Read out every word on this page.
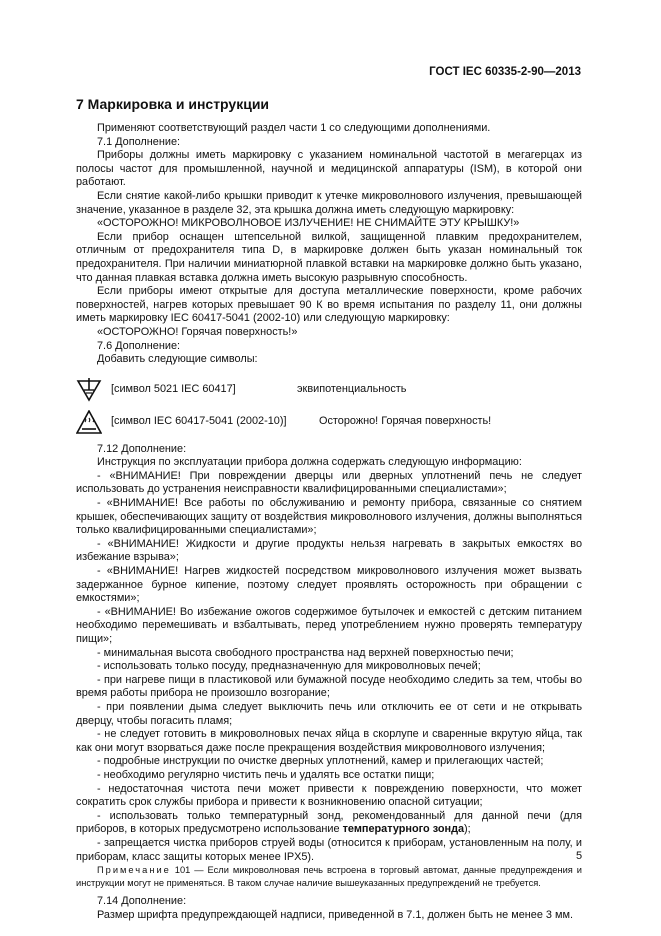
ГОСТ IEC 60335-2-90—2013
7 Маркировка и инструкции

Применяют соответствующий раздел части 1 со следующими дополнениями.

7.1 Дополнение:

Приборы должны иметь маркировку с указанием номинальной частотой в мегагерцах из полосы частот для промышленной, научной и медицинской аппаратуры (ISM), в которой они работают.

Если снятие какой-либо крышки приводит к утечке микроволнового излучения, превышающей значение, указанное в разделе 32, эта крышка должна иметь следующую маркировку:

«ОСТОРОЖНО! МИКРОВОЛНОВОЕ ИЗЛУЧЕНИЕ! НЕ СНИМАЙТЕ ЭТУ КРЫШКУ!»

Если прибор оснащен штепсельной вилкой, защищенной плавким предохранителем, отличным от предохранителя типа D, в маркировке должен быть указан номинальный ток предохранителя. При наличии миниатюрной плавкой вставки на маркировке должно быть указано, что данная плавкая вставка должна иметь высокую разрывную способность.

Если приборы имеют открытые для доступа металлические поверхности, кроме рабочих поверхностей, нагрев которых превышает 90 К во время испытания по разделу 11, они должны иметь маркировку IEC 60417-5041 (2002-10) или следующую маркировку:

«ОСТОРОЖНО! Горячая поверхность!»

7.6 Дополнение:

Добавить следующие символы:

[символ 5021 IEC 60417]	эквипотенциальность
[символ IEC 60417-5041 (2002-10)]	Осторожно! Горячая поверхность!

7.12 Дополнение:

Инструкция по эксплуатации прибора должна содержать следующую информацию:

- «ВНИМАНИЕ! При повреждении дверцы или дверных уплотнений печь не следует использовать до устранения неисправности квалифицированными специалистами»;

- «ВНИМАНИЕ! Все работы по обслуживанию и ремонту прибора, связанные со снятием крышек, обеспечивающих защиту от воздействия микроволнового излучения, должны выполняться только квалифицированными специалистами»;

- «ВНИМАНИЕ! Жидкости и другие продукты нельзя нагревать в закрытых емкостях во избежание взрыва»;

- «ВНИМАНИЕ! Нагрев жидкостей посредством микроволнового излучения может вызвать задержанное бурное кипение, поэтому следует проявлять осторожность при обращении с емкостями»;

- «ВНИМАНИЕ! Во избежание ожогов содержимое бутылочек и емкостей с детским питанием необходимо перемешивать и взбалтывать, перед употреблением нужно проверять температуру пищи»;

- минимальная высота свободного пространства над верхней поверхностью печи;

- использовать только посуду, предназначенную для микроволновых печей;

- при нагреве пищи в пластиковой или бумажной посуде необходимо следить за тем, чтобы во время работы прибора не произошло возгорание;

- при появлении дыма следует выключить печь или отключить ее от сети и не открывать дверцу, чтобы погасить пламя;

- не следует готовить в микроволновых печах яйца в скорлупе и сваренные вкрутую яйца, так как они могут взорваться даже после прекращения воздействия микроволнового излучения;

- подробные инструкции по очистке дверных уплотнений, камер и прилегающих частей;

- необходимо регулярно чистить печь и удалять все остатки пищи;

- недостаточная чистота печи может привести к повреждению поверхности, что может сократить срок службы прибора и привести к возникновению опасной ситуации;

- использовать только температурный зонд, рекомендованный для данной печи (для приборов, в которых предусмотрено использование температурного зонда);

- запрещается чистка приборов струей воды (относится к приборам, установленным на полу, и приборам, класс защиты которых менее IPX5).

Примечание 101 — Если микроволновая печь встроена в торговый автомат, данные предупреждения и инструкции могут не применяться. В таком случае наличие вышеуказанных предупреждений не требуется.

7.14 Дополнение:

Размер шрифта предупреждающей надписи, приведенной в 7.1, должен быть не менее 3 мм.

5
